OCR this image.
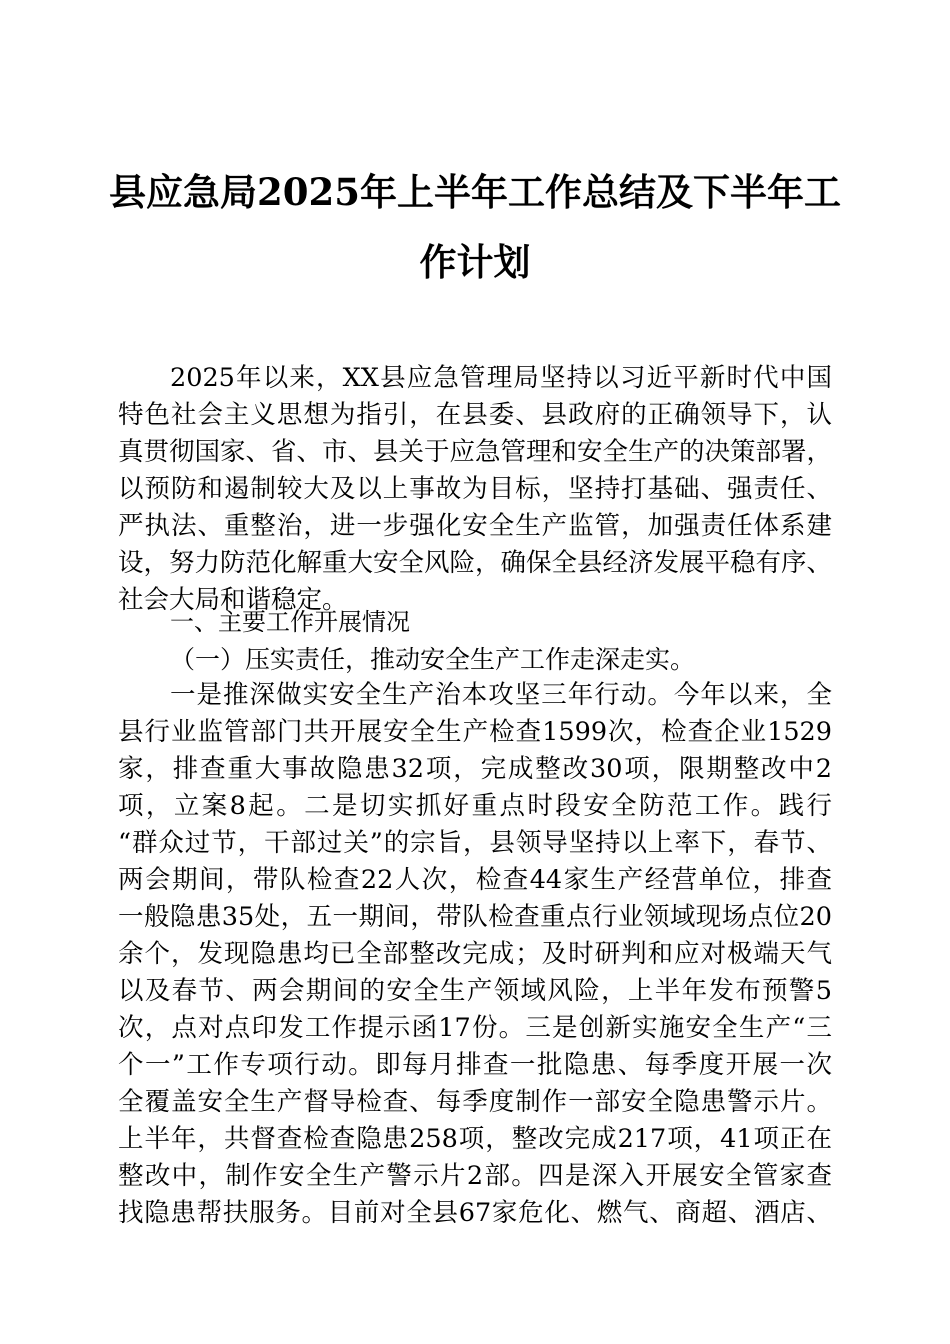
县应急局2025年上半年工作总结及下半年工
作计划
2025年以来，XX县应急管理局坚持以习近平新时代中国
特色社会主义思想为指引，在县委、县政府的正确领导下，认
真贯彻国家、省、市、县关于应急管理和安全生产的决策部署，
以预防和遏制较大及以上事故为目标，坚持打基础、强责任、
严执法、重整治，进一步强化安全生产监管，加强责任体系建
设，努力防范化解重大安全风险，确保全县经济发展平稳有序、
社会大局和谐稳定。
一、主要工作开展情况
（一）压实责任，推动安全生产工作走深走实。
一是推深做实安全生产治本攻坚三年行动。今年以来，全
县行业监管部门共开展安全生产检查1599次，检查企业1529
家，排查重大事故隐患32项，完成整改30项，限期整改中2
项，立案8起。二是切实抓好重点时段安全防范工作。践行
“群众过节，干部过关”的宗旨，县领导坚持以上率下，春节、
两会期间，带队检查22人次，检查44家生产经营单位，排查
一般隐患35处，五一期间，带队检查重点行业领域现场点位20
余个，发现隐患均已全部整改完成；及时研判和应对极端天气
以及春节、两会期间的安全生产领域风险，上半年发布预警5
次，点对点印发工作提示函17份。三是创新实施安全生产“三
个一”工作专项行动。即每月排查一批隐患、每季度开展一次
全覆盖安全生产督导检查、每季度制作一部安全隐患警示片。
上半年，共督查检查隐患258项，整改完成217项，41项正在
整改中，制作安全生产警示片2部。四是深入开展安全管家查
找隐患帮扶服务。目前对全县67家危化、燃气、商超、酒店、
